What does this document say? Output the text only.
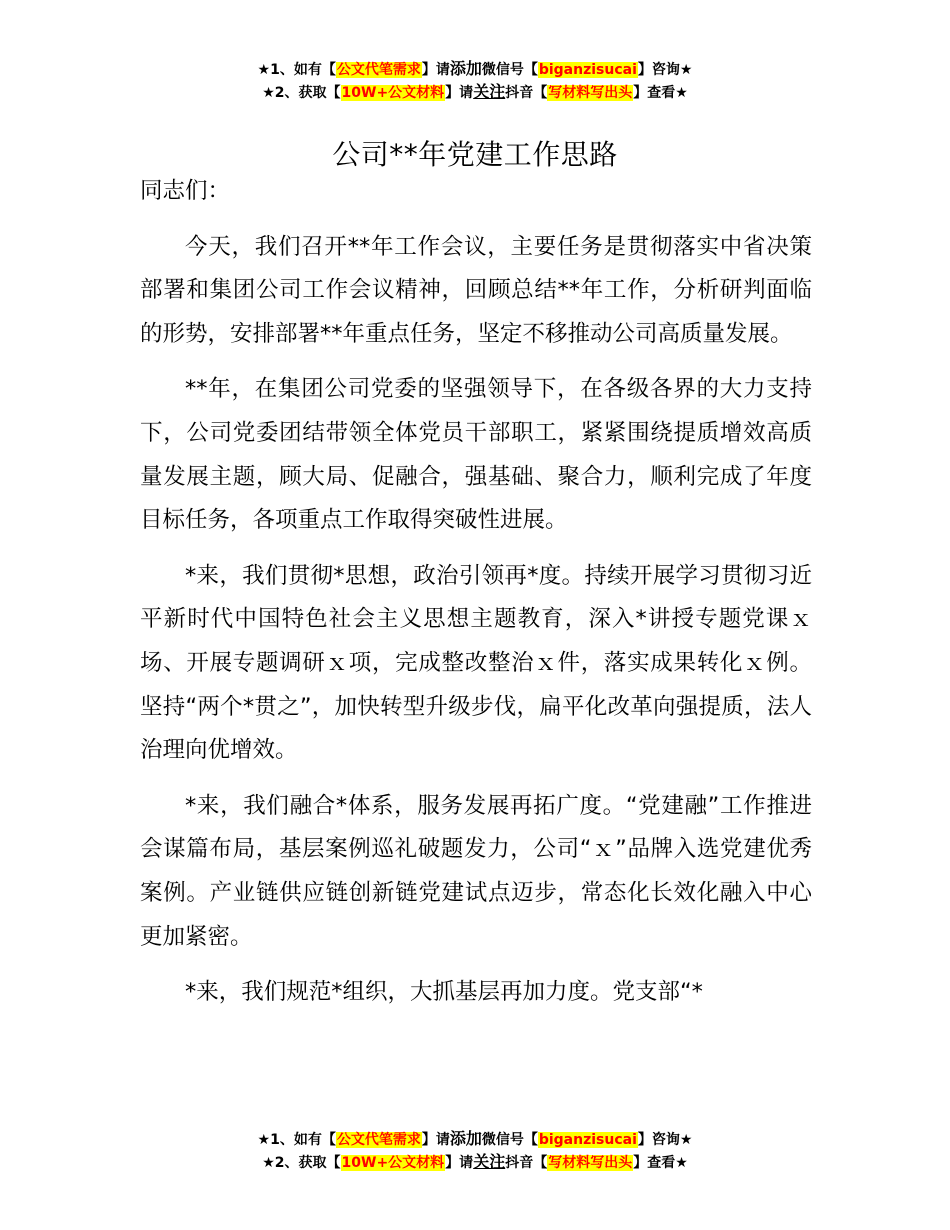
★1、如有【公文代笔需求】请添加微信号【biganzisucai】咨询★
★2、获取【10W+公文材料】请关注抖音【写材料写出头】查看★
公司**年党建工作思路

同志们：

今天，我们召开**年工作会议，主要任务是贯彻落实中省决策部署和集团公司工作会议精神，回顾总结**年工作，分析研判面临的形势，安排部署**年重点任务，坚定不移推动公司高质量发展。

**年，在集团公司党委的坚强领导下，在各级各界的大力支持下，公司党委团结带领全体党员干部职工，紧紧围绕提质增效高质量发展主题，顾大局、促融合，强基础、聚合力，顺利完成了年度目标任务，各项重点工作取得突破性进展。

*来，我们贯彻*思想，政治引领再*度。持续开展学习贯彻习近平新时代中国特色社会主义思想主题教育，深入*讲授专题党课ｘ场、开展专题调研ｘ项，完成整改整治ｘ件，落实成果转化ｘ例。坚持“两个*贯之”，加快转型升级步伐，扁平化改革向强提质，法人治理向优增效。

*来，我们融合*体系，服务发展再拓广度。“党建融”工作推进会谋篇布局，基层案例巡礼破题发力，公司“ｘ”品牌入选党建优秀案例。产业链供应链创新链党建试点迈步，常态化长效化融入中心更加紧密。

*来，我们规范*组织，大抓基层再加力度。党支部“*

★1、如有【公文代笔需求】请添加微信号【biganzisucai】咨询★
★2、获取【10W+公文材料】请关注抖音【写材料写出头】查看★
